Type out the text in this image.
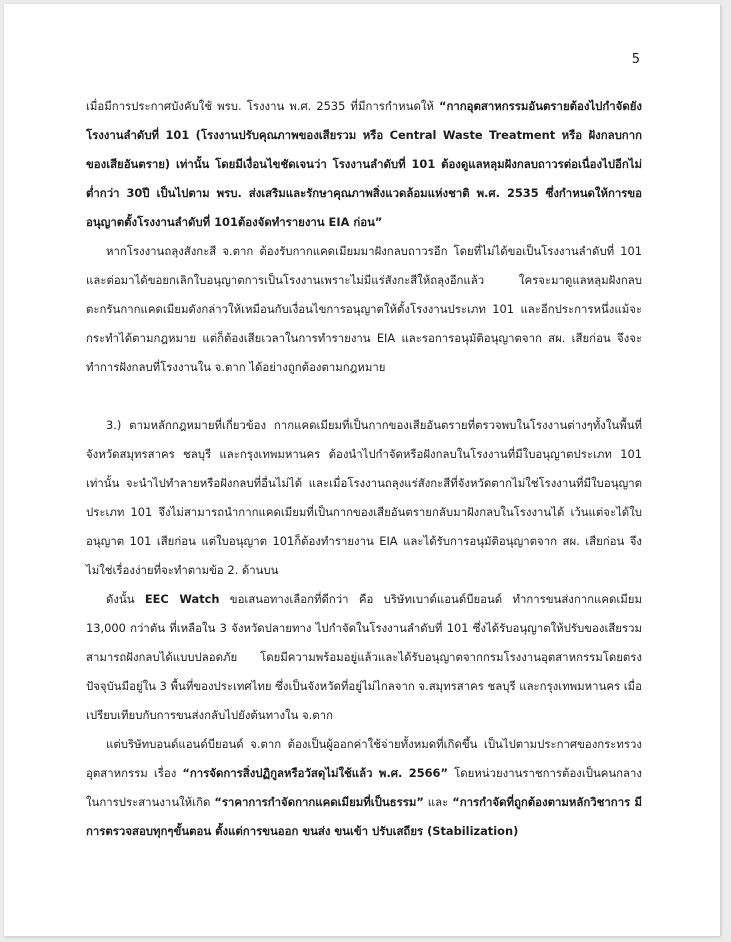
5

เมื่อมีการประกาศบังคับใช้ พรบ. โรงงาน พ.ศ. 2535 ที่มีการกำหนดให้ “กากอุตสาหกรรมอันตรายต้องไปกำจัดยังโรงงานลำดับที่ 101 (โรงงานปรับคุณภาพของเสียรวม หรือ Central Waste Treatment หรือ ฝังกลบกากของเสียอันตราย) เท่านั้น โดยมีเงื่อนไขชัดเจนว่า โรงงานลำดับที่ 101 ต้องดูแลหลุมฝังกลบถาวรต่อเนื่องไปอีกไม่ต่ำกว่า 30ปี เป็นไปตาม พรบ. ส่งเสริมและรักษาคุณภาพสิ่งแวดล้อมแห่งชาติ พ.ศ. 2535 ซึ่งกำหนดให้การขออนุญาตตั้งโรงงานลำดับที่ 101ต้องจัดทำรายงาน EIA ก่อน”

หากโรงงานถลุงสังกะสี จ.ตาก ต้องรับกากแคดเมียมมาฝังกลบถาวรอีก โดยที่ไม่ได้ขอเป็นโรงงานลำดับที่ 101 และต่อมาได้ขอยกเลิกใบอนุญาตการเป็นโรงงานเพราะไม่มีแร่สังกะสีให้ถลุงอีกแล้ว ใครจะมาดูแลหลุมฝังกลบตะกรันกากแคดเมียมดังกล่าวให้เหมือนกับเงื่อนไขการอนุญาตให้ตั้งโรงงานประเภท 101 และอีกประการหนึ่งแม้จะกระทำได้ตามกฎหมาย แต่ก็ต้องเสียเวลาในการทำรายงาน EIA และรอการอนุมัติอนุญาตจาก สผ. เสียก่อน จึงจะทำการฝังกลบที่โรงงานใน จ.ตาก ได้อย่างถูกต้องตามกฎหมาย

3.) ตามหลักกฎหมายที่เกี่ยวข้อง กากแคดเมียมที่เป็นกากของเสียอันตรายที่ตรวจพบในโรงงานต่างๆทั้งในพื้นที่จังหวัดสมุทรสาคร ชลบุรี และกรุงเทพมหานคร ต้องนำไปกำจัดหรือฝังกลบในโรงงานที่มีใบอนุญาตประเภท 101 เท่านั้น จะนำไปทำลายหรือฝังกลบที่อื่นไม่ได้ และเมื่อโรงงานถลุงแร่สังกะสีที่จังหวัดตากไม่ใช่โรงงานที่มีใบอนุญาตประเภท 101 จึงไม่สามารถนำกากแคดเมียมที่เป็นกากของเสียอันตรายกลับมาฝังกลบในโรงงานได้ เว้นแต่จะได้ใบอนุญาต 101 เสียก่อน แต่ใบอนุญาต 101ก็ต้องทำรายงาน EIA และได้รับการอนุมัติอนุญาตจาก สผ. เสียก่อน จึงไม่ใช่เรื่องง่ายที่จะทำตามข้อ 2. ด้านบน

ดังนั้น EEC Watch ขอเสนอทางเลือกที่ดีกว่า คือ บริษัทเบาด์แอนด์บียอนด์ ทำการขนส่งกากแคดเมียม 13,000 กว่าตัน ที่เหลือใน 3 จังหวัดปลายทาง ไปกำจัดในโรงงานลำดับที่ 101 ซึ่งได้รับอนุญาตให้ปรับของเสียรวม สามารถฝังกลบได้แบบปลอดภัย โดยมีความพร้อมอยู่แล้วและได้รับอนุญาตจากกรมโรงงานอุตสาหกรรมโดยตรง ปัจจุบันมีอยู่ใน 3 พื้นที่ของประเทศไทย ซึ่งเป็นจังหวัดที่อยู่ไม่ไกลจาก จ.สมุทรสาคร ชลบุรี และกรุงเทพมหานคร เมื่อเปรียบเทียบกับการขนส่งกลับไปยังต้นทางใน จ.ตาก

แต่บริษัทบอนด์แอนด์บียอนด์ จ.ตาก ต้องเป็นผู้ออกค่าใช้จ่ายทั้งหมดที่เกิดขึ้น เป็นไปตามประกาศของกระทรวงอุตสาหกรรม เรื่อง “การจัดการสิ่งปฏิกูลหรือวัสดุไม่ใช้แล้ว พ.ศ. 2566” โดยหน่วยงานราชการต้องเป็นคนกลางในการประสานงานให้เกิด “ราคาการกำจัดกากแคดเมียมที่เป็นธรรม” และ “การกำจัดที่ถูกต้องตามหลักวิชาการ มีการตรวจสอบทุกๆขั้นตอน ตั้งแต่การขนออก ขนส่ง ขนเข้า ปรับเสถียร (Stabilization)
